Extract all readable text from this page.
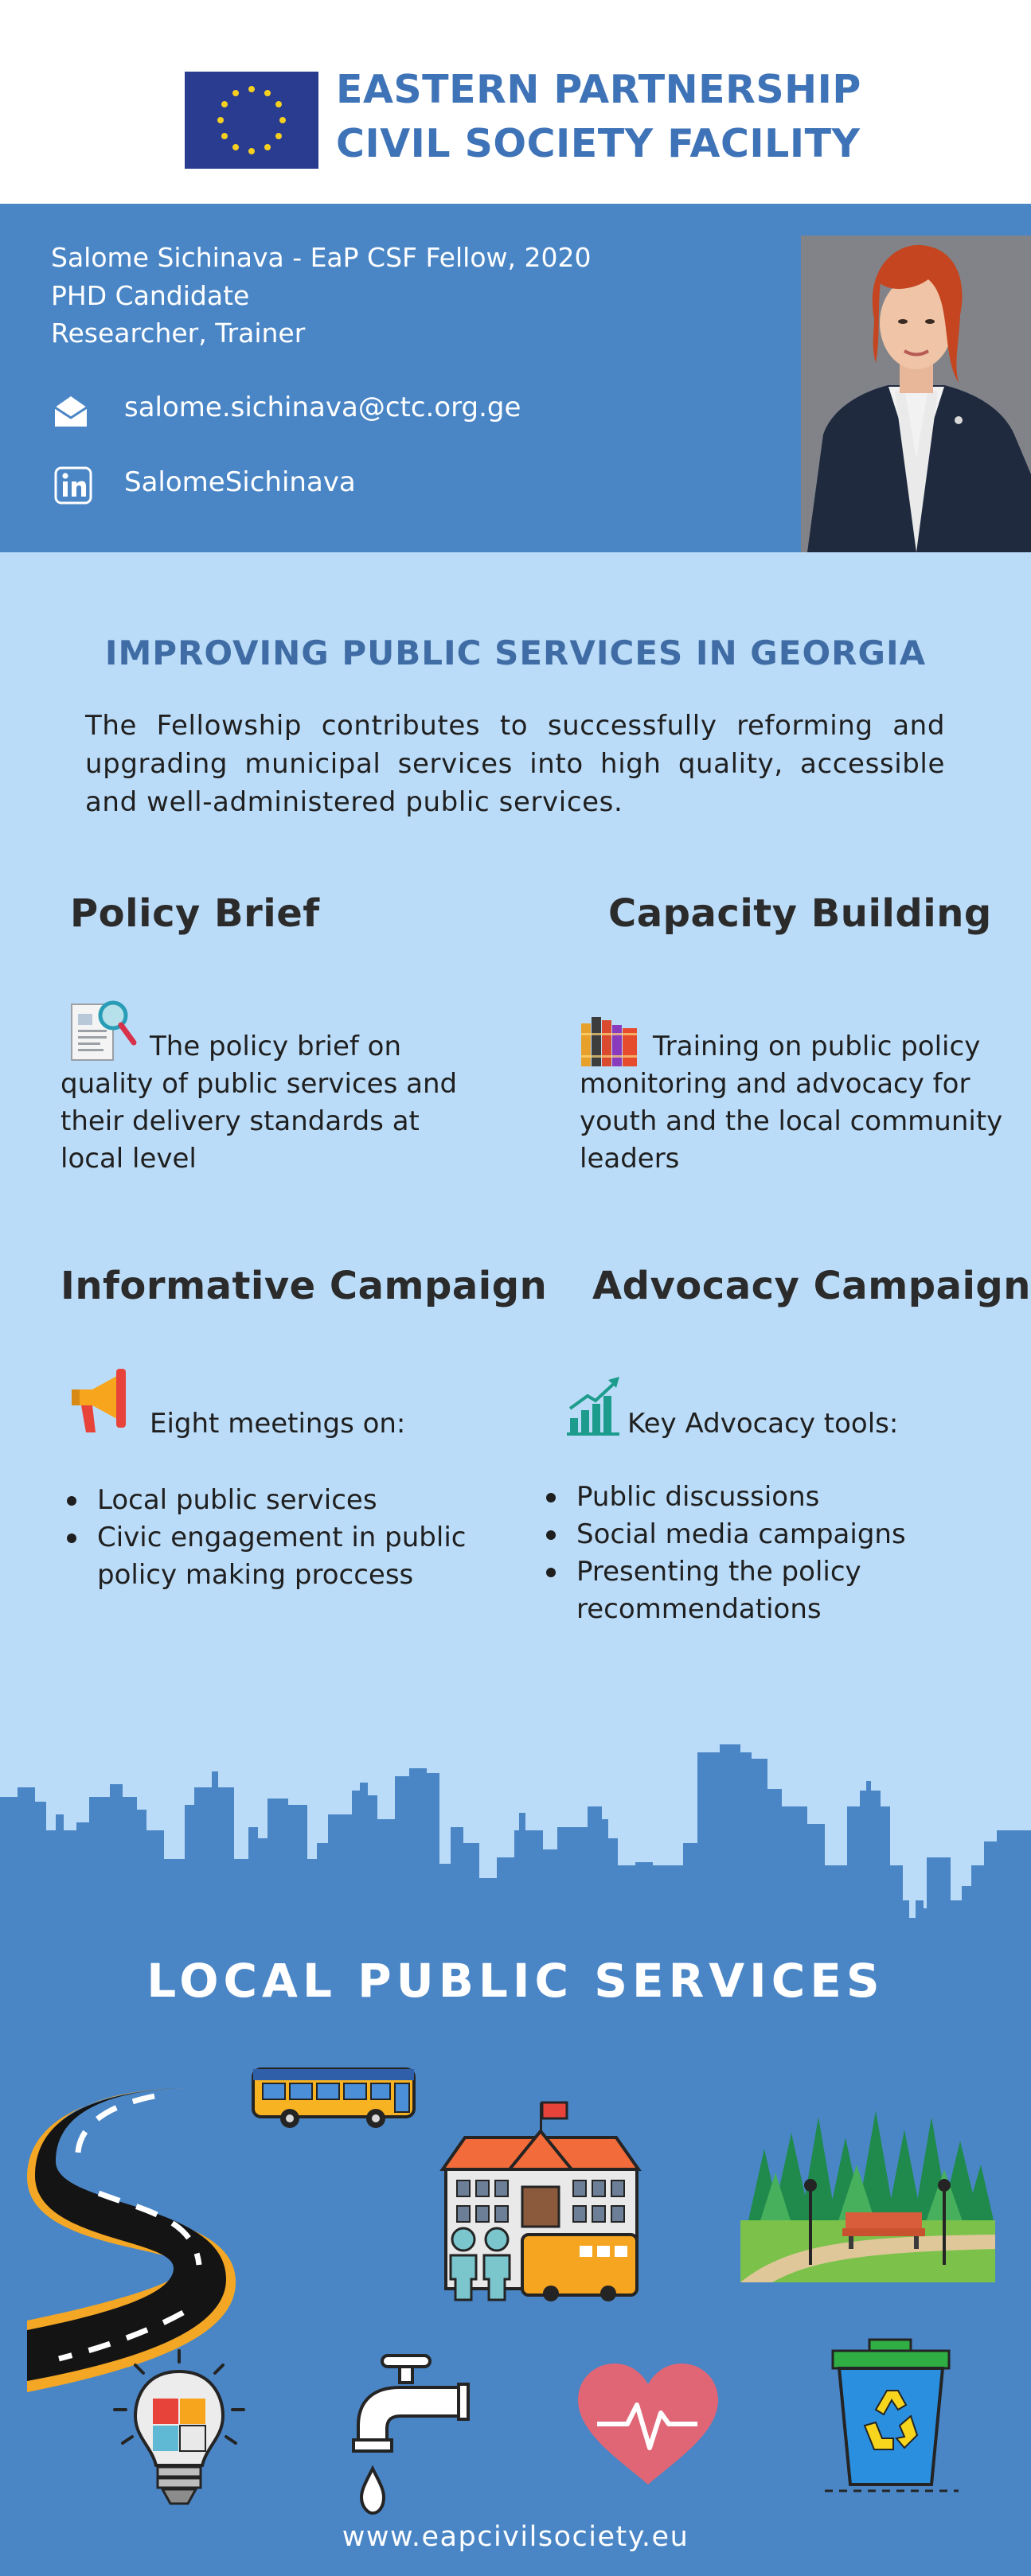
EASTERN PARTNERSHIP
CIVIL SOCIETY FACILITY
Salome Sichinava - EaP CSF Fellow, 2020
PHD Candidate
Researcher, Trainer
salome.sichinava@ctc.org.ge
SalomeSichinava
IMPROVING PUBLIC SERVICES IN GEORGIA
The Fellowship contributes to successfully reforming and upgrading municipal services into high quality, accessible and well-administered public services.
Policy Brief
The policy brief on quality of public services and their delivery standards at local level
Capacity Building
Training on public policy monitoring and advocacy for youth and the local community leaders
Informative Campaign
Eight meetings on:
Local public services
Civic engagement in public policy making proccess
Advocacy Campaign
Key Advocacy tools:
Public discussions
Social media campaigns
Presenting the policy recommendations
LOCAL PUBLIC SERVICES
www.eapcivilsociety.eu
